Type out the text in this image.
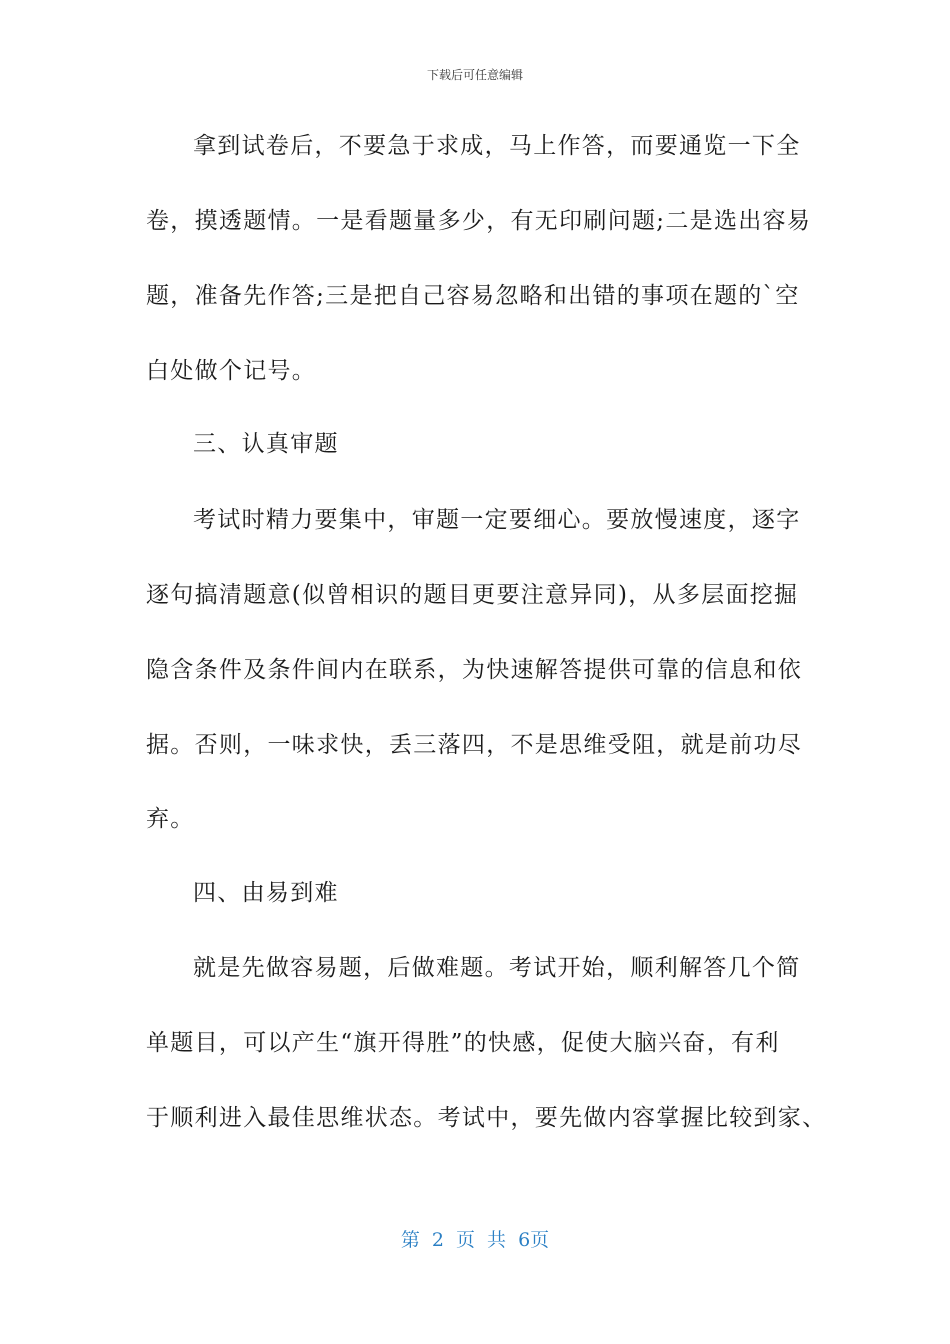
下载后可任意编辑
拿到试卷后，不要急于求成，马上作答，而要通览一下全
卷，摸透题情。一是看题量多少，有无印刷问题;二是选出容易
题，准备先作答;三是把自己容易忽略和出错的事项在题的`空
白处做个记号。
三、认真审题
考试时精力要集中，审题一定要细心。要放慢速度，逐字
逐句搞清题意(似曾相识的题目更要注意异同)，从多层面挖掘
隐含条件及条件间内在联系，为快速解答提供可靠的信息和依
据。否则，一味求快，丢三落四，不是思维受阻，就是前功尽
弃。
四、由易到难
就是先做容易题，后做难题。考试开始，顺利解答几个简
单题目，可以产生“旗开得胜”的快感，促使大脑兴奋，有利
于顺利进入最佳思维状态。考试中，要先做内容掌握比较到家、
第 2 页 共 6页
